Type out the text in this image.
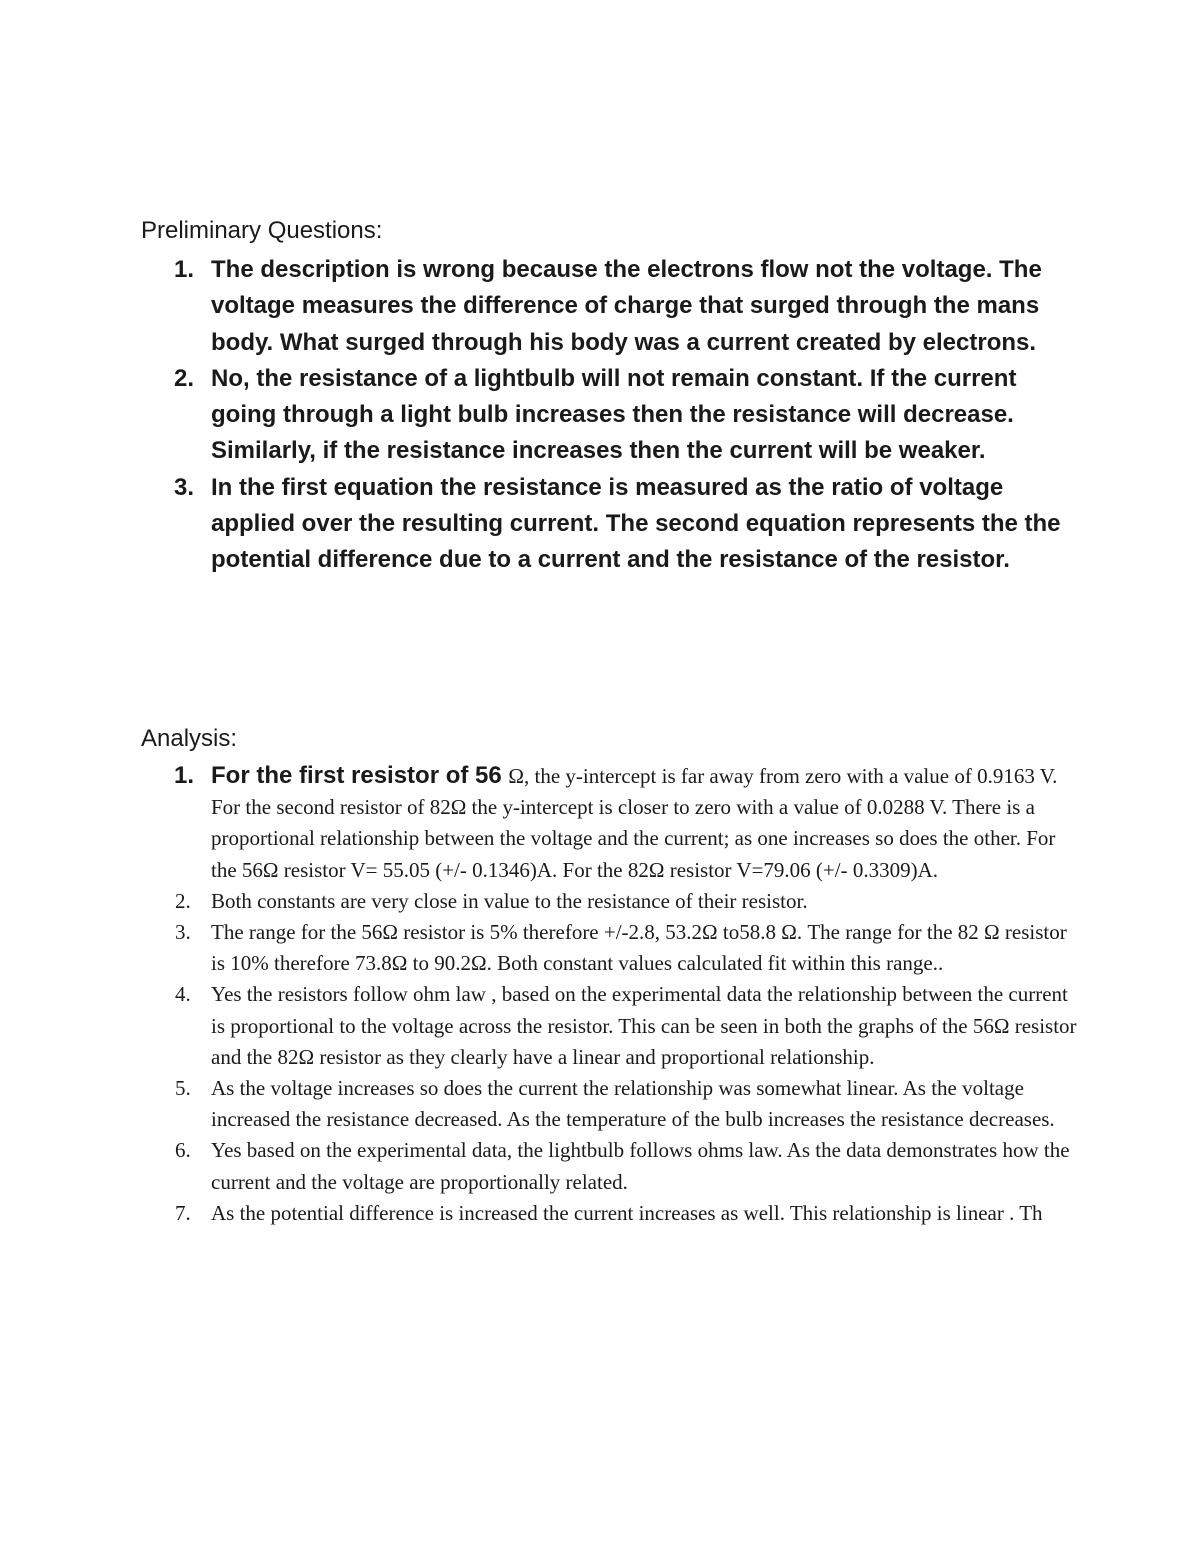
Preliminary Questions:
1. The description is wrong because the electrons flow not the voltage. The voltage measures the difference of charge that surged through the mans body. What surged through his body was a current created by electrons.
2. No, the resistance of a lightbulb will not remain constant. If the current going through a light bulb increases then the resistance will decrease. Similarly, if the resistance increases then the current will be weaker.
3. In the first equation the resistance is measured as the ratio of voltage applied over the resulting current. The second equation represents the the potential difference due to a current and the resistance of the resistor.
Analysis:
1. For the first resistor of 56 Ω, the y-intercept is far away from zero with a value of 0.9163 V. For the second resistor of 82Ω the y-intercept is closer to zero with a value of 0.0288 V. There is a proportional relationship between the voltage and the current; as one increases so does the other. For the 56Ω resistor V= 55.05 (+/- 0.1346)A. For the 82Ω resistor V=79.06 (+/- 0.3309)A.
2. Both constants are very close in value to the resistance of their resistor.
3. The range for the 56Ω resistor is 5% therefore +/-2.8, 53.2Ω to58.8 Ω. The range for the 82 Ω resistor is 10% therefore 73.8Ω to 90.2Ω. Both constant values calculated fit within this range..
4. Yes the resistors follow ohm law , based on the experimental data the relationship between the current is proportional to the voltage across the resistor. This can be seen in both the graphs of the 56Ω resistor and the 82Ω resistor as they clearly have a linear and proportional relationship.
5. As the voltage increases so does the current the relationship was somewhat linear. As the voltage increased the resistance decreased. As the temperature of the bulb increases the resistance decreases.
6. Yes based on the experimental data, the lightbulb follows ohms law. As the data demonstrates how the current and the voltage are proportionally related.
7. As the potential difference is increased the current increases as well. This relationship is linear . Th
